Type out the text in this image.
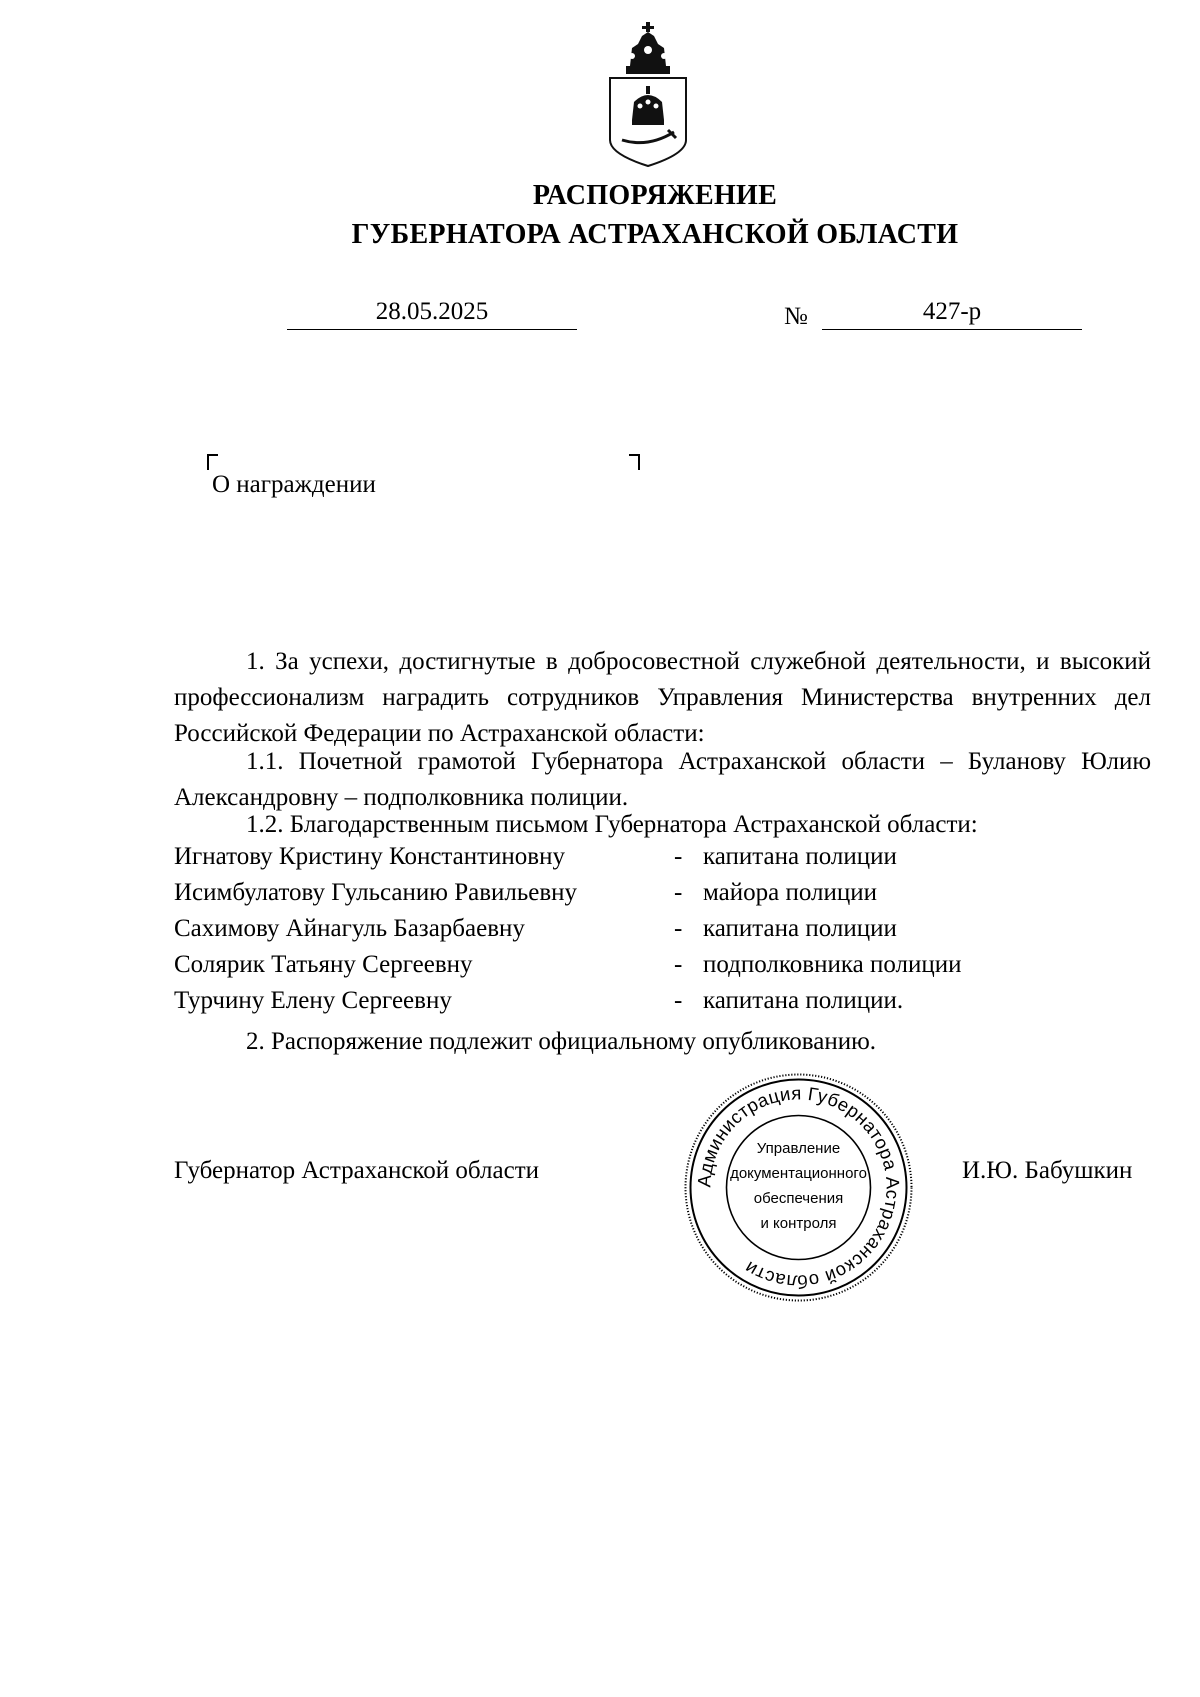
РАСПОРЯЖЕНИЕ
ГУБЕРНАТОРА АСТРАХАНСКОЙ ОБЛАСТИ
28.05.2025	№	427-р
О награждении
1. За успехи, достигнутые в добросовестной служебной деятельности, и высокий профессионализм наградить сотрудников Управления Министерства внутренних дел Российской Федерации по Астраханской области:
1.1. Почетной грамотой Губернатора Астраханской области – Буланову Юлию Александровну – подполковника полиции.
1.2. Благодарственным письмом Губернатора Астраханской области:
Игнатову Кристину Константиновну	- капитана полиции
Исимбулатову Гульсанию Равильевну	- майора полиции
Сахимову Айнагуль Базарбаевну	- капитана полиции
Солярик Татьяну Сергеевну	- подполковника полиции
Турчину Елену Сергеевну	- капитана полиции.
2. Распоряжение подлежит официальному опубликованию.
Губернатор Астраханской области	И.Ю. Бабушкин
Администрация Губернатора Астраханской области
Управление
документационного
обеспечения
и контроля
